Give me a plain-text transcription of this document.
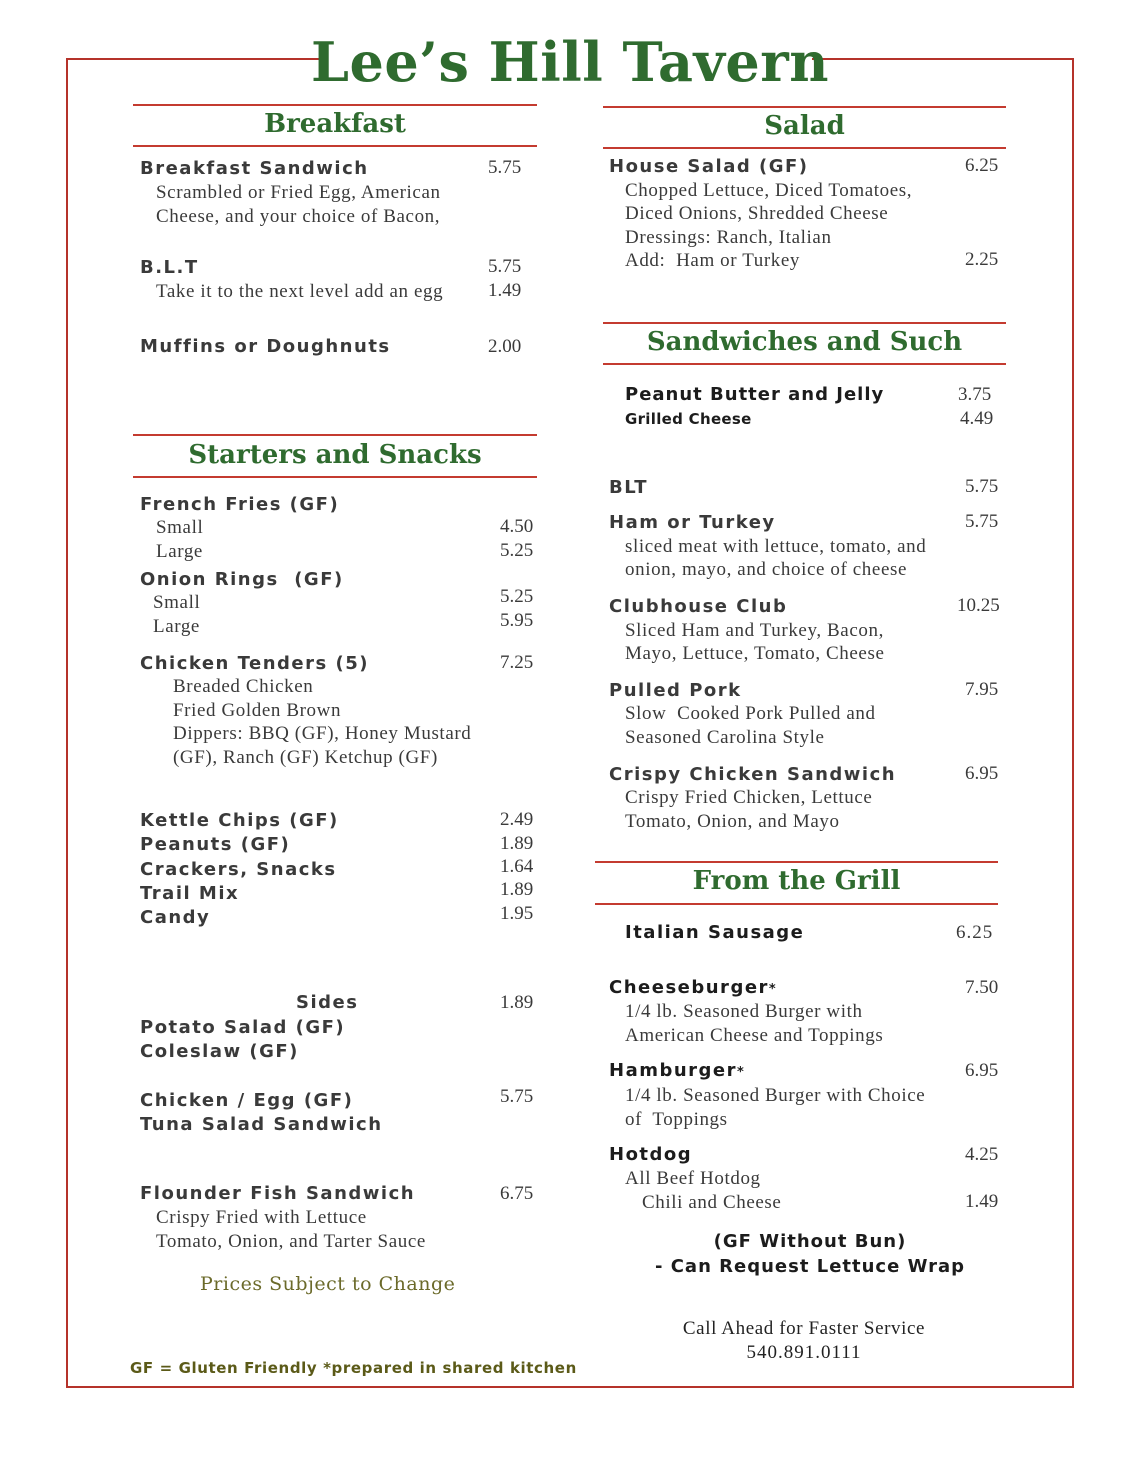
Lee’s Hill Tavern
Breakfast
Breakfast Sandwich	5.75
Scrambled or Fried Egg, American
Cheese, and your choice of Bacon,
B.L.T	5.75
Take it to the next level add an egg 1.49
Muffins or Doughnuts	2.00
Starters and Snacks
French Fries (GF)
Small	4.50
Large	5.25
Onion Rings  (GF)
Small	5.25
Large	5.95
Chicken Tenders (5)	7.25
Breaded Chicken
Fried Golden Brown
Dippers: BBQ (GF), Honey Mustard
(GF), Ranch (GF) Ketchup (GF)
Kettle Chips (GF)	2.49
Peanuts (GF)	1.89
Crackers, Snacks	1.64
Trail Mix	1.89
Candy	1.95
Sides	1.89
Potato Salad (GF)
Coleslaw (GF)
Chicken / Egg (GF)	5.75
Tuna Salad Sandwich
Flounder Fish Sandwich	6.75
Crispy Fried with Lettuce
Tomato, Onion, and Tarter Sauce
Prices Subject to Change
GF = Gluten Friendly *prepared in shared kitchen
Salad
House Salad (GF)	6.25
Chopped Lettuce, Diced Tomatoes,
Diced Onions, Shredded Cheese
Dressings: Ranch, Italian
Add:  Ham or Turkey	2.25
Sandwiches and Such
Peanut Butter and Jelly	3.75
Grilled Cheese	4.49
BLT	5.75
Ham or Turkey	5.75
sliced meat with lettuce, tomato, and
onion, mayo, and choice of cheese
Clubhouse Club	10.25
Sliced Ham and Turkey, Bacon,
Mayo, Lettuce, Tomato, Cheese
Pulled Pork	7.95
Slow  Cooked Pork Pulled and
Seasoned Carolina Style
Crispy Chicken Sandwich	6.95
Crispy Fried Chicken, Lettuce
Tomato, Onion, and Mayo
From the Grill
Italian Sausage	6.25
Cheeseburger*	7.50
1/4 lb. Seasoned Burger with
American Cheese and Toppings
Hamburger*	6.95
1/4 lb. Seasoned Burger with Choice
of  Toppings
Hotdog	4.25
All Beef Hotdog
Chili and Cheese	1.49
(GF Without Bun)
- Can Request Lettuce Wrap
Call Ahead for Faster Service
540.891.0111
